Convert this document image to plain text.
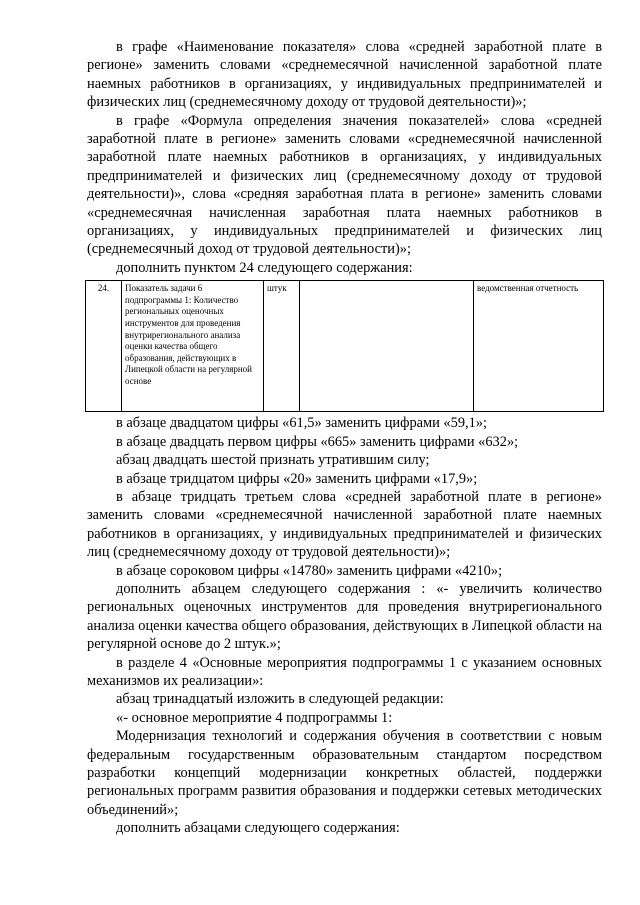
в графе «Наименование показателя» слова «средней заработной плате в регионе» заменить словами «среднемесячной начисленной заработной плате наемных работников в организациях, у индивидуальных предпринимателей и физических лиц (среднемесячному доходу от трудовой деятельности)»;

в графе «Формула определения значения показателей» слова «средней заработной плате в регионе» заменить словами «среднемесячной начисленной заработной плате наемных работников в организациях, у индивидуальных предпринимателей и физических лиц (среднемесячному доходу от трудовой деятельности)», слова «средняя заработная плата в регионе» заменить словами «среднемесячная начисленная заработная плата наемных работников в организациях, у индивидуальных предпринимателей и физических лиц (среднемесячный доход от трудовой деятельности)»;

дополнить пунктом 24 следующего содержания:

24.	Показатель задачи 6 подпрограммы 1: Количество региональных оценочных инструментов для проведения внутрирегионального анализа оценки качества общего образования, действующих в Липецкой области на регулярной основе	штук		ведомственная отчетность

в абзаце двадцатом цифры «61,5» заменить цифрами «59,1»;

в абзаце двадцать первом цифры «665» заменить цифрами «632»;

абзац двадцать шестой признать утратившим силу;

в абзаце тридцатом цифры «20» заменить цифрами «17,9»;

в абзаце тридцать третьем слова «средней заработной плате в регионе» заменить словами «среднемесячной начисленной заработной плате наемных работников в организациях, у индивидуальных предпринимателей и физических лиц (среднемесячному доходу от трудовой деятельности)»;

в абзаце сороковом цифры «14780» заменить цифрами «4210»;

дополнить абзацем следующего содержания : «- увеличить количество региональных оценочных инструментов для проведения внутрирегионального анализа оценки качества общего образования, действующих в Липецкой области на регулярной основе до 2 штук.»;

в разделе 4 «Основные мероприятия подпрограммы 1 с указанием основных механизмов их реализации»:

абзац тринадцатый изложить в следующей редакции:

«- основное мероприятие 4 подпрограммы 1:

Модернизация технологий и содержания обучения в соответствии с новым федеральным государственным образовательным стандартом посредством разработки концепций модернизации конкретных областей, поддержки региональных программ развития образования и поддержки сетевых методических объединений»;

дополнить абзацами следующего содержания:
